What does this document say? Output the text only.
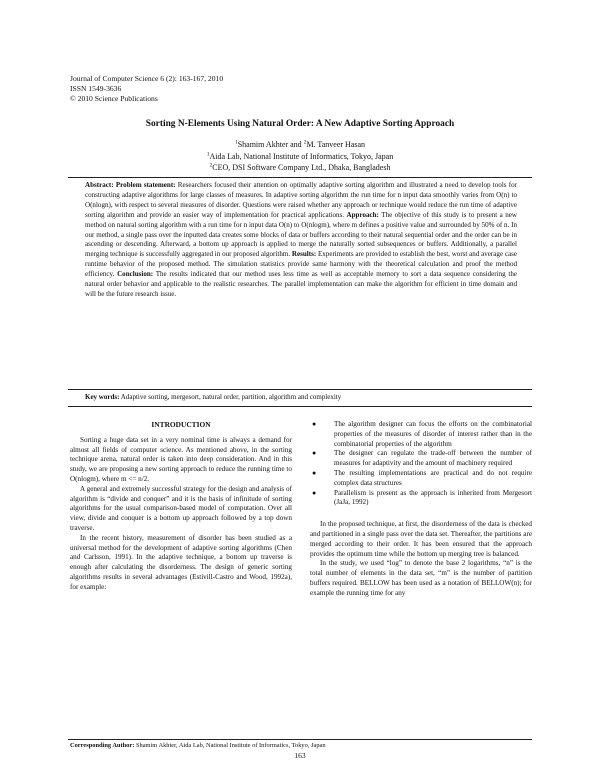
Journal of Computer Science 6 (2): 163-167, 2010
ISSN 1549-3636
© 2010 Science Publications
Sorting N-Elements Using Natural Order: A New Adaptive Sorting Approach
$^1$Shamim Akhter and $^2$M. Tanveer Hasan
$^1$Aida Lab, National Institute of Informatics, Tokyo, Japan
$^2$CEO, DSI Software Company Ltd., Dhaka, Bangladesh
Abstract: Problem statement: Researchers focused their attention on optimally adaptive sorting algorithm and illustrated a need to develop tools for constructing adaptive algorithms for large classes of measures. In adaptive sorting algorithm the run time for n input data smoothly varies from O(n) to O(nlogn), with respect to several measures of disorder. Questions were raised whether any approach or technique would reduce the run time of adaptive sorting algorithm and provide an easier way of implementation for practical applications. Approach: The objective of this study is to present a new method on natural sorting algorithm with a run time for n input data O(n) to O(nlogm), where m defines a positive value and surrounded by 50% of n. In our method, a single pass over the inputted data creates some blocks of data or buffers according to their natural sequential order and the order can be in ascending or descending. Afterward, a bottom up approach is applied to merge the naturally sorted subsequences or buffers. Additionally, a parallel merging technique is successfully aggregated in our proposed algorithm. Results: Experiments are provided to establish the best, worst and average case runtime behavior of the proposed method. The simulation statistics provide same harmony with the theoretical calculation and proof the method efficiency. Conclusion: The results indicated that our method uses less time as well as acceptable memory to sort a data sequence considering the natural order behavior and applicable to the realistic researches. The parallel implementation can make the algorithm for efficient in time domain and will be the future research issue.
Key words: Adaptive sorting, mergesort, natural order, partition, algorithm and complexity
INTRODUCTION

Sorting a huge data set in a very nominal time is always a demand for almost all fields of computer science. As mentioned above, in the sorting technique arena, natural order is taken into deep consideration. And in this study, we are proposing a new sorting approach to reduce the running time to O(nlogm), where m <= n/2.

A general and extremely successful strategy for the design and analysis of algorithm is “divide and conquer” and it is the basis of infinitude of sorting algorithms for the usual comparison-based model of computation. Over all view, divide and conquer is a bottom up approach followed by a top down traverse.

In the recent history, measurement of disorder has been studied as a universal method for the development of adaptive sorting algorithms (Chen and Carlsson, 1991). In the adaptive technique, a bottom up traverse is enough after calculating the disorderness. The design of generic sorting algorithms results in several advantages (Estivill-Castro and Wood, 1992a), for example:

● The algorithm designer can focus the efforts on the combinatorial properties of the measures of disorder of interest rather than in the combinatorial properties of the algorithm
● The designer can regulate the trade-off between the number of measures for adaptivity and the amount of machinery required
● The resulting implementations are practical and do not require complex data structures
● Parallelism is present as the approach is inherited from Mergesort (JaJa, 1992)

In the proposed technique, at first, the disorderness of the data is checked and partitioned in a single pass over the data set. Thereafter, the partitions are merged according to their order. It has been ensured that the approach provides the optimum time while the bottom up merging tree is balanced.

In the study, we used “log” to denote the base 2 logarithms, “n” is the total number of elements in the data set, “m” is the number of partition buffers required. BELLOW has been used as a notation of BELLOW(n); for example the running time for any

Corresponding Author: Shamim Akhter, Aida Lab, National Institute of Informatics, Tokyo, Japan
163
